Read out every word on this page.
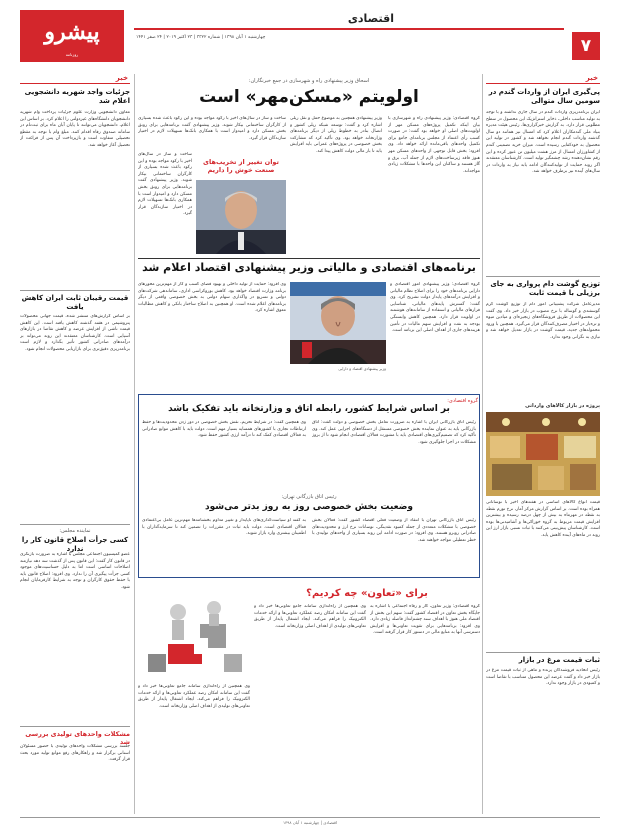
۷
اقتصادی
چهارشنبه ۱ آبان ۱۳۹۸ | شماره ۳۳۲۲ | ۲۳ اکتبر ۲۰۱۹ | ۲۴ صفر ۱۴۴۱
پیشرو
روزنامه
خبر
پی‌گیری ایران از واردات گندم در سومین سال متوالی
ایران برنامه‌ریزی واردات گندم در سال جاری نداشته و با توجه به تولید مناسب داخلی، ذخایر استراتژیک این محصول در سطح مطلوبی قرار دارد. به گزارش خبرگزاری‌ها، رئیس هیئت مدیره بنیاد ملی گندمکاران اعلام کرد که امسال نیز همانند دو سال گذشته واردات گندم انجام نخواهد شد و کشور در تولید این محصول به خودکفایی رسیده است. میزان خرید تضمینی گندم از کشاورزان امسال از مرز هشت میلیون تن عبور کرده و این رقم نشان‌دهنده رشد چشمگیر تولید است. کارشناسان معتقدند اگر روند حمایت از تولیدکنندگان ادامه یابد نیاز به واردات در سال‌های آینده نیز برطرف خواهد شد.
توزیع گوشت دام پرواری به جای برزیلی با قیمت ثابت
مدیرعامل شرکت پشتیبانی امور دام از توزیع گوشت گرم گوسفندی و گوساله با نرخ مصوب در بازار خبر داد. وی گفت این محصولات از طریق فروشگاه‌های زنجیره‌ای و میادین میوه و تره‌بار در اختیار مصرف‌کنندگان قرار می‌گیرد. همچنین با ورود محموله‌های جدید، قیمت گوشت در بازار تعدیل خواهد شد و نیازی به نگرانی وجود ندارد.
پروژه در بازار کالاهای وارداتی
قیمت انواع کالاهای اساسی در هفته‌های اخیر با نوساناتی همراه بوده است. بر اساس گزارش مرکز آمار، نرخ تورم نقطه به نقطه در مهرماه به بیش از چهل درصد رسیده و بیشترین افزایش قیمت مربوط به گروه خوراکی‌ها و آشامیدنی‌ها بوده است. کارشناسان پیش‌بینی می‌کنند با ثبات نسبی بازار ارز این روند در ماه‌های آینده کاهش یابد.
ثبات قیمت مرغ در بازار
رئیس اتحادیه فروشندگان پرنده و ماهی از ثبات قیمت مرغ در بازار خبر داد و گفت عرضه این محصول متناسب با تقاضا است و کمبودی در بازار وجود ندارد.
اسحاق وزیر پیشنهادی راه و شهرسازی در جمع خبرنگاران:
اولویتم «مسکن‌مهر» است
گروه اقتصادی: وزیر پیشنهادی راه و شهرسازی با بیان اینکه تکمیل پروژه‌های مسکن مهر از اولویت‌های اصلی او خواهد بود گفت: در صورت کسب رأی اعتماد از مجلس برنامه‌ای جامع برای تکمیل واحدهای باقی‌مانده ارائه خواهد داد. وی افزود: بخش قابل توجهی از واحدهای مسکن مهر هنوز فاقد زیرساخت‌های لازم از جمله آب، برق و گاز هستند و ساکنان این واحدها با مشکلات زیادی مواجه‌اند.
وزیر پیشنهادی همچنین به موضوع حمل و نقل ریلی اشاره کرد و گفت: توسعه شبکه ریلی کشور و اتصال بنادر به خطوط ریلی از دیگر برنامه‌های وزارتخانه خواهد بود. وی تأکید کرد که مشارکت بخش خصوصی در پروژه‌های عمرانی باید افزایش یابد تا بار مالی دولت کاهش پیدا کند.
ساخت و ساز در سال‌های اخیر با رکود مواجه بوده و این رکود باعث شده بسیاری از کارگران ساختمانی بیکار شوند. وزیر پیشنهادی گفت برنامه‌هایی برای رونق بخش مسکن دارد و امیدوار است با همکاری بانک‌ها تسهیلات لازم در اختیار سازندگان قرار گیرد.
توان تغییر از تخریب‌های صنعت خوش را داریم
ساخت و ساز در سال‌های اخیر با رکود مواجه بوده و این رکود باعث شده بسیاری از کارگران ساختمانی بیکار شوند. وزیر پیشنهادی گفت برنامه‌هایی برای رونق بخش مسکن دارد و امیدوار است با همکاری بانک‌ها تسهیلات لازم در اختیار سازندگان قرار گیرد.
برنامه‌های اقتصادی و مالیاتی وزیر پیشنهادی اقتصاد اعلام شد
وزیر پیشنهادی اقتصاد و دارایی
گروه اقتصادی: وزیر پیشنهادی امور اقتصادی و دارایی برنامه‌های خود را برای اصلاح نظام مالیاتی و افزایش درآمدهای پایدار دولت تشریح کرد. وی گفت: گسترش پایه‌های مالیاتی، شناسایی فرارهای مالیاتی و استفاده از سامانه‌های هوشمند در اولویت قرار دارد. همچنین کاهش وابستگی بودجه به نفت و افزایش سهم مالیات در تأمین هزینه‌های جاری از اهداف اصلی این برنامه است.
وی افزود: حمایت از تولید داخلی و بهبود فضای کسب و کار از مهم‌ترین محورهای برنامه وزارت اقتصاد خواهد بود. کاهش بوروکراسی اداری، ساماندهی شرکت‌های دولتی و تسریع در واگذاری سهام دولتی به بخش خصوصی واقعی از دیگر برنامه‌های اعلام شده است. او همچنین به اصلاح ساختار بانکی و کاهش مطالبات معوق اشاره کرد.
گروه اقتصادی:
بر اساس شرایط کشور، رابطه اتاق و وزارتخانه باید تفکیک باشد
رئیس اتاق بازرگانی ایران با اشاره به ضرورت تعامل بخش خصوصی و دولت گفت: اتاق بازرگانی باید به عنوان نماینده بخش خصوصی مستقل از دستگاه‌های اجرایی عمل کند. وی تأکید کرد که تصمیم‌گیری‌های اقتصادی باید با مشورت فعالان اقتصادی انجام شود تا از بروز مشکلات در اجرا جلوگیری شود.
وی همچنین گفت: در شرایط تحریم، نقش بخش خصوصی در دور زدن محدودیت‌ها و حفظ ارتباطات تجاری با کشورهای همسایه بسیار مهم است. دولت باید با کاهش موانع صادراتی به فعالان اقتصادی کمک کند تا درآمد ارزی کشور حفظ شود.
رئیس اتاق بازرگانی تهران:
وضعیت بخش خصوصی روز به روز بدتر می‌شود
رئیس اتاق بازرگانی تهران با انتقاد از وضعیت فعلی اقتصاد کشور گفت: فعالان بخش خصوصی با مشکلات متعددی از جمله کمبود نقدینگی، نوسانات نرخ ارز و محدودیت‌های صادراتی روبرو هستند. وی افزود: در صورت ادامه این روند بسیاری از واحدهای تولیدی با خطر تعطیلی مواجه خواهند شد.
به گفته او سیاست‌گذاری‌های ناپایدار و تغییر مداوم بخشنامه‌ها مهم‌ترین عامل بی‌اعتمادی فعالان اقتصادی است. دولت باید ثبات در مقررات را تضمین کند تا سرمایه‌گذاران با اطمینان بیشتری وارد بازار شوند.
برای «تعاون» چه کردیم؟
گروه اقتصادی: وزیر تعاون، کار و رفاه اجتماعی با اشاره به جایگاه بخش تعاون در اقتصاد کشور گفت: سهم این بخش از اقتصاد ملی هنوز با اهداف سند چشم‌انداز فاصله زیادی دارد. وی افزود: برنامه‌هایی برای تقویت تعاونی‌ها و افزایش دسترسی آنها به منابع مالی در دستور کار قرار گرفته است.
وی همچنین از راه‌اندازی سامانه جامع تعاونی‌ها خبر داد و گفت این سامانه امکان رصد عملکرد تعاونی‌ها و ارائه خدمات الکترونیک را فراهم می‌کند. ایجاد اشتغال پایدار از طریق تعاونی‌های تولیدی از اهداف اصلی وزارتخانه است.
وی همچنین از راه‌اندازی سامانه جامع تعاونی‌ها خبر داد و گفت این سامانه امکان رصد عملکرد تعاونی‌ها و ارائه خدمات الکترونیک را فراهم می‌کند. ایجاد اشتغال پایدار از طریق تعاونی‌های تولیدی از اهداف اصلی وزارتخانه است.
خبر
جزئیات واجد شهریه دانشجویی اعلام شد
معاون دانشجویی وزارت علوم جزئیات پرداخت وام شهریه دانشجویان دانشگاه‌های غیردولتی را اعلام کرد. بر اساس این اعلام، دانشجویان می‌توانند تا پایان آبان ماه برای ثبت‌نام در سامانه صندوق رفاه اقدام کنند. مبلغ وام با توجه به مقطع تحصیلی متفاوت است و بازپرداخت آن پس از فراغت از تحصیل آغاز خواهد شد.
قیمت رقیبان ثابت ایران کاهش یافت
بر اساس گزارش‌های منتشر شده، قیمت جهانی محصولات پتروشیمی در هفته گذشته کاهش یافته است. این کاهش قیمت ناشی از افزایش عرضه و کاهش تقاضا در بازارهای آسیایی است. کارشناسان معتقدند این روند می‌تواند بر درآمدهای صادراتی کشور تأثیر بگذارد و لازم است برنامه‌ریزی دقیق‌تری برای بازاریابی محصولات انجام شود.
نماینده مجلس:
کسی جرأت اصلاح قانون کار را ندارد
عضو کمیسیون اجتماعی مجلس با اشاره به ضرورت بازنگری در قانون کار گفت: این قانون پس از گذشت سه دهه نیازمند اصلاحات اساسی است اما به دلیل حساسیت‌های موجود کسی جرأت پیگیری آن را ندارد. وی افزود: اصلاح قانون باید با حفظ حقوق کارگران و توجه به شرایط کارفرمایان انجام شود.
مشکلات واحدهای تولیدی بررسی شد
جلسه بررسی مشکلات واحدهای تولیدی با حضور مسئولان استانی برگزار شد و راهکارهای رفع موانع تولید مورد بحث قرار گرفت.
اقتصادی | چهارشنبه ۱ آبان ۱۳۹۸
